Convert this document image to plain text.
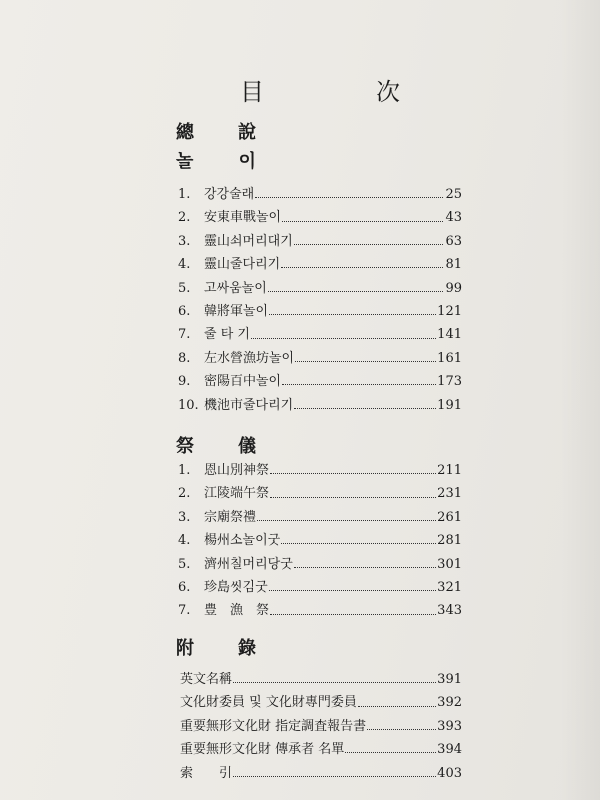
目	次
總 說
놀	이
1.	강강술래	25
2.	安東車戰놀이	43
3.	靈山쇠머리대기	63
4.	靈山줄다리기	81
5.	고싸움놀이	99
6.	韓將軍놀이	121
7.	줄 타 기	141
8.	左水營漁坊놀이	161
9.	密陽百中놀이	173
10. 機池市줄다리기	191
祭 儀
1.	恩山別神祭	211
2.	江陵端午祭	231
3.	宗廟祭禮	261
4.	楊州소놀이굿	281
5.	濟州칠머리당굿	301
6.	珍島씻김굿	321
7.	豊　漁　祭	343
附 錄
英文名稱	391
文化財委員 및 文化財專門委員	392
重要無形文化財 指定調査報告書	393
重要無形文化財 傳承者 名單	394
索　　引	403
